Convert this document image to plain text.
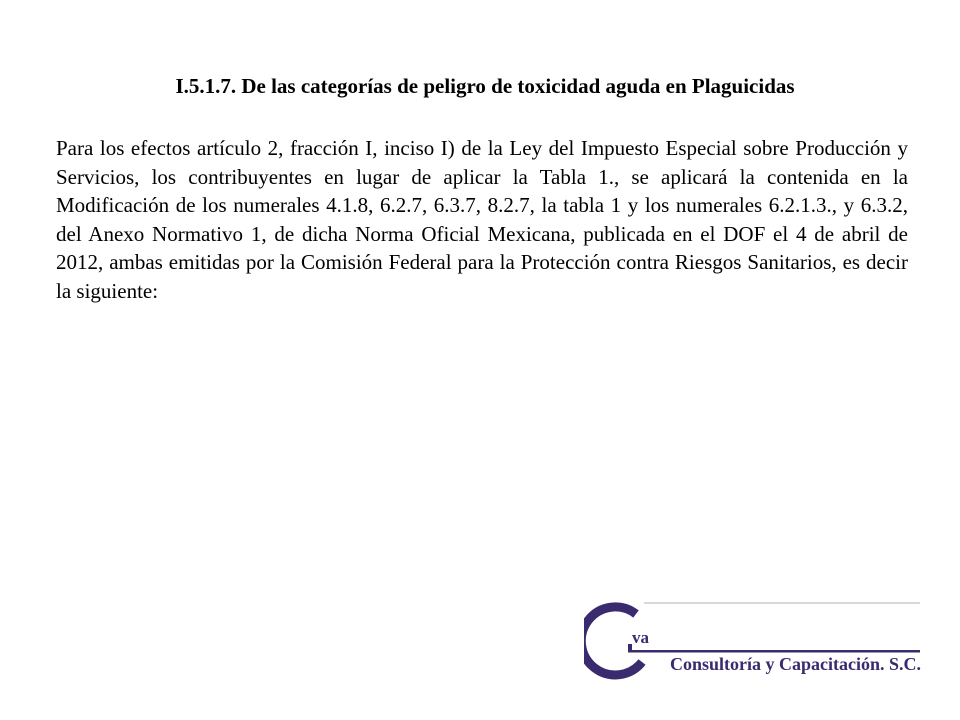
I.5.1.7. De las categorías de peligro de toxicidad aguda en Plaguicidas

Para los efectos artículo 2, fracción I, inciso I) de la Ley del Impuesto Especial sobre Producción y Servicios, los contribuyentes en lugar de aplicar la Tabla 1., se aplicará la contenida en la Modificación de los numerales 4.1.8, 6.2.7, 6.3.7, 8.2.7, la tabla 1 y los numerales 6.2.1.3., y 6.3.2, del Anexo Normativo 1, de dicha Norma Oficial Mexicana, publicada en el DOF el 4 de abril de 2012, ambas emitidas por la Comisión Federal para la Protección contra Riesgos Sanitarios, es decir la siguiente:

va
Consultoría y Capacitación. S.C.
